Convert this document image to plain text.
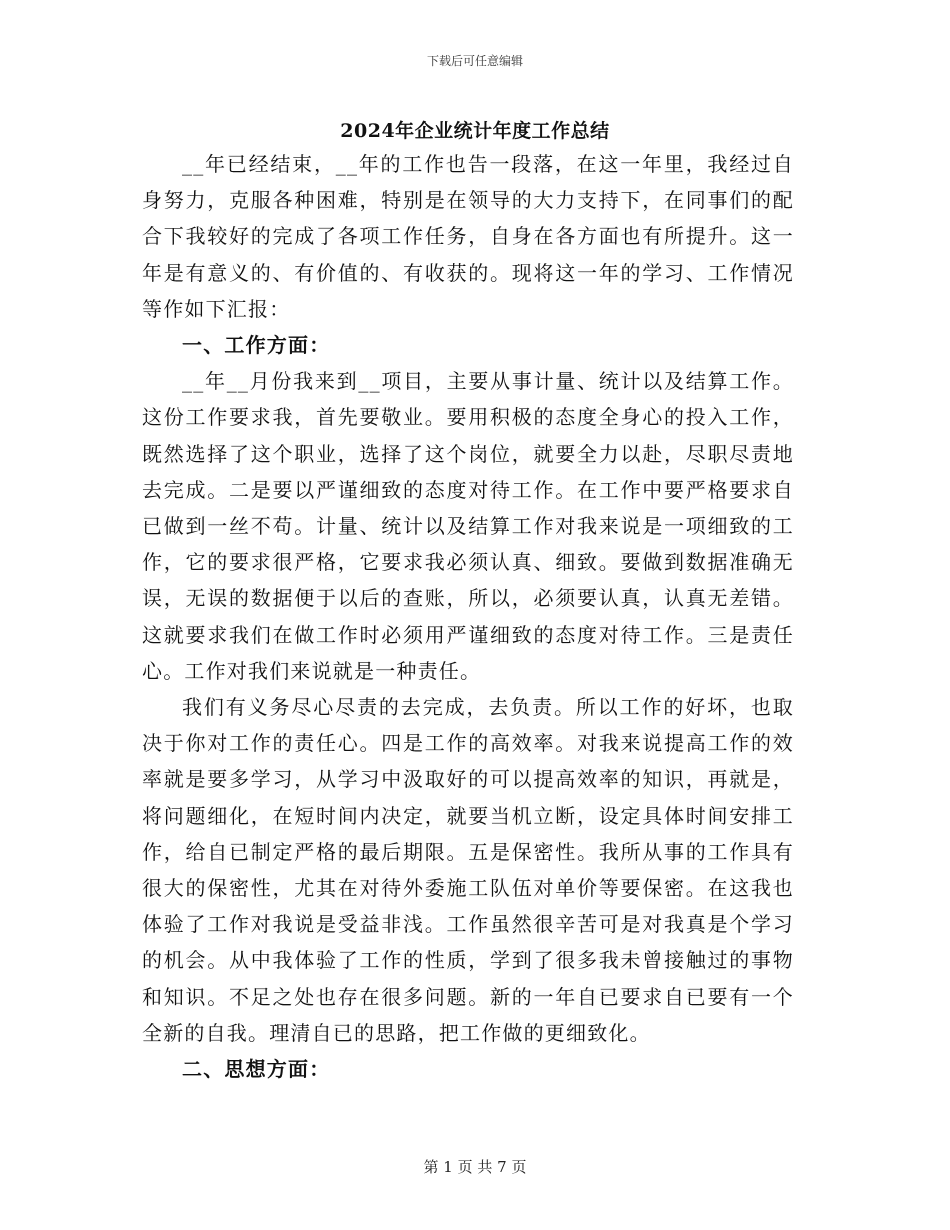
下载后可任意编辑
2024年企业统计年度工作总结

__年已经结束，__年的工作也告一段落，在这一年里，我经过自身努力，克服各种困难，特别是在领导的大力支持下，在同事们的配合下我较好的完成了各项工作任务，自身在各方面也有所提升。这一年是有意义的、有价值的、有收获的。现将这一年的学习、工作情况等作如下汇报：

一、工作方面：

__年__月份我来到__项目，主要从事计量、统计以及结算工作。这份工作要求我，首先要敬业。要用积极的态度全身心的投入工作，既然选择了这个职业，选择了这个岗位，就要全力以赴，尽职尽责地去完成。二是要以严谨细致的态度对待工作。在工作中要严格要求自已做到一丝不苟。计量、统计以及结算工作对我来说是一项细致的工作，它的要求很严格，它要求我必须认真、细致。要做到数据准确无误，无误的数据便于以后的查账，所以，必须要认真，认真无差错。这就要求我们在做工作时必须用严谨细致的态度对待工作。三是责任心。工作对我们来说就是一种责任。

我们有义务尽心尽责的去完成，去负责。所以工作的好坏，也取决于你对工作的责任心。四是工作的高效率。对我来说提高工作的效率就是要多学习，从学习中汲取好的可以提高效率的知识，再就是，将问题细化，在短时间内决定，就要当机立断，设定具体时间安排工作，给自已制定严格的最后期限。五是保密性。我所从事的工作具有很大的保密性，尤其在对待外委施工队伍对单价等要保密。在这我也体验了工作对我说是受益非浅。工作虽然很辛苦可是对我真是个学习的机会。从中我体验了工作的性质，学到了很多我未曾接触过的事物和知识。不足之处也存在很多问题。新的一年自已要求自已要有一个全新的自我。理清自已的思路，把工作做的更细致化。

二、思想方面：

第 1 页 共 7 页
